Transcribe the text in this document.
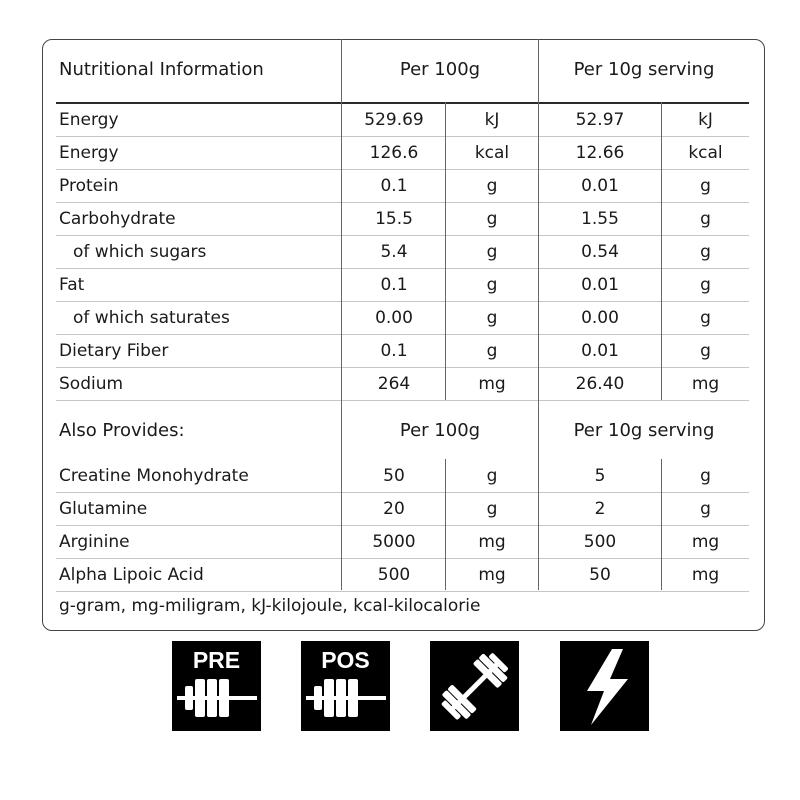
Nutritional Information	Per 100g	Per 10g serving
Energy	529.69	kJ	52.97	kJ
Energy	126.6	kcal	12.66	kcal
Protein	0.1	g	0.01	g
Carbohydrate	15.5	g	1.55	g
of which sugars	5.4	g	0.54	g
Fat	0.1	g	0.01	g
of which saturates	0.00	g	0.00	g
Dietary Fiber	0.1	g	0.01	g
Sodium	264	mg	26.40	mg
Also Provides:	Per 100g	Per 10g serving
Creatine Monohydrate	50	g	5	g
Glutamine	20	g	2	g
Arginine	5000	mg	500	mg
Alpha Lipoic Acid	500	mg	50	mg
g-gram, mg-miligram, kJ-kilojoule, kcal-kilocalorie
PRE	POS
